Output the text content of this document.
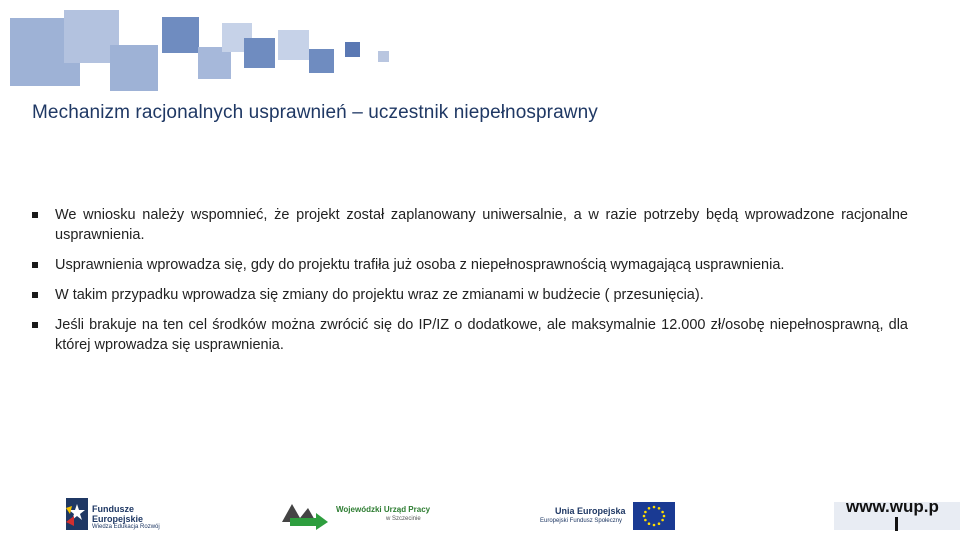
Mechanizm racjonalnych usprawnień – uczestnik niepełnosprawny
We wniosku należy wspomnieć, że projekt został zaplanowany uniwersalnie, a w razie potrzeby będą wprowadzone racjonalne usprawnienia.
Usprawnienia wprowadza się, gdy do projektu trafiła już osoba z niepełnosprawnością wymagającą usprawnienia.
W takim przypadku wprowadza się zmiany do projektu wraz ze zmianami w budżecie ( przesunięcia).
Jeśli brakuje na ten cel środków można zwrócić się do IP/IZ o dodatkowe, ale maksymalnie 12.000 zł/osobę niepełnosprawną, dla której wprowadza się usprawnienia.
Fundusze
Europejskie
Wiedza Edukacja Rozwój
Wojewódzki Urząd Pracy
w Szczecinie
Unia Europejska
Europejski Fundusz Społeczny
www.wup.p
